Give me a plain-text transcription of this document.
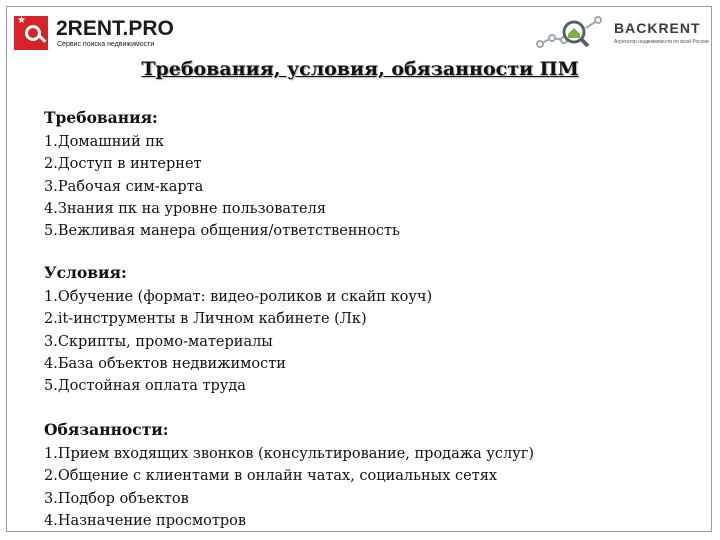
★ 2RENT.PRO
Сервис поиска недвижимости
BACKRENT
Агрегатор недвижимости по всей России
Требования, условия, обязанности ПМ
Требования:
1.Домашний пк
2.Доступ в интернет
3.Рабочая сим-карта
4.Знания пк на уровне пользователя
5.Вежливая манера общения/ответственность
Условия:
1.Обучение (формат: видео-роликов и скайп коуч)
2.it-инструменты в Личном кабинете (Лк)
3.Скрипты, промо-материалы
4.База объектов недвижимости
5.Достойная оплата труда
Обязанности:
1.Прием входящих звонков (консультирование, продажа услуг)
2.Общение с клиентами в онлайн чатах, социальных сетях
3.Подбор объектов
4.Назначение просмотров
